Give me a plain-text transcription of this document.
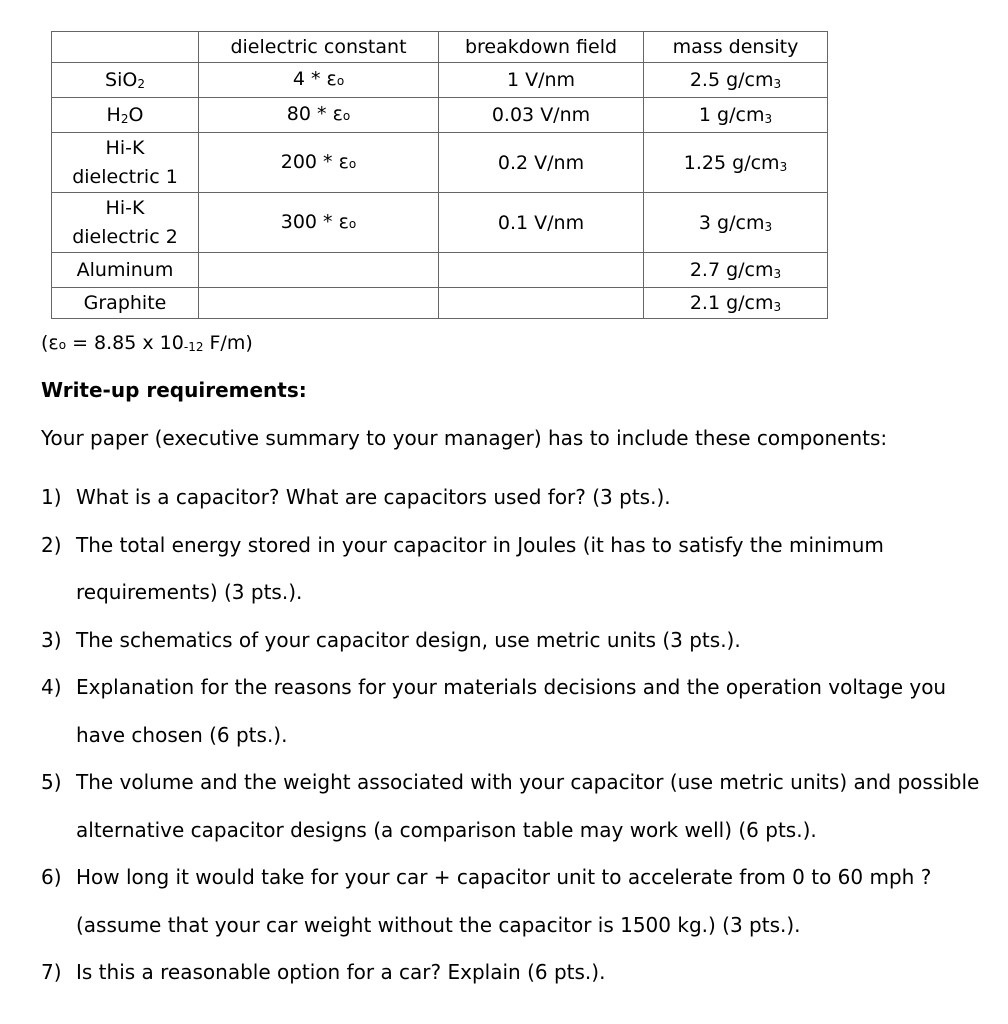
	dielectric constant	breakdown field	mass density
SiO$_2$	4 * εo	1 V/nm	2.5 $g/cm_3$
$H_2O$	80 * εo	0.03 V/nm	1 $g/cm_3$
Hi-K
dielectric 1	200 * εo	0.2 V/nm	1.25 $g/cm_3$
Hi-K
dielectric 2	300 * εo	0.1 V/nm	3 $g/cm_3$
Aluminum			2.7 $g/cm_3$
Graphite			2.1 $g/cm_3$
(εo = 8.85 x $10_{-12}$ F/m)
Write-up requirements:
Your paper (executive summary to your manager) has to include these components:
1) What is a capacitor? What are capacitors used for? (3 pts.).
2) The total energy stored in your capacitor in Joules (it has to satisfy the minimum requirements) (3 pts.).
3) The schematics of your capacitor design, use metric units (3 pts.).
4) Explanation for the reasons for your materials decisions and the operation voltage you have chosen (6 pts.).
5) The volume and the weight associated with your capacitor (use metric units) and possible alternative capacitor designs (a comparison table may work well) (6 pts.).
6) How long it would take for your car + capacitor unit to accelerate from 0 to 60 mph ? (assume that your car weight without the capacitor is 1500 kg.) (3 pts.).
7) Is this a reasonable option for a car? Explain (6 pts.).
